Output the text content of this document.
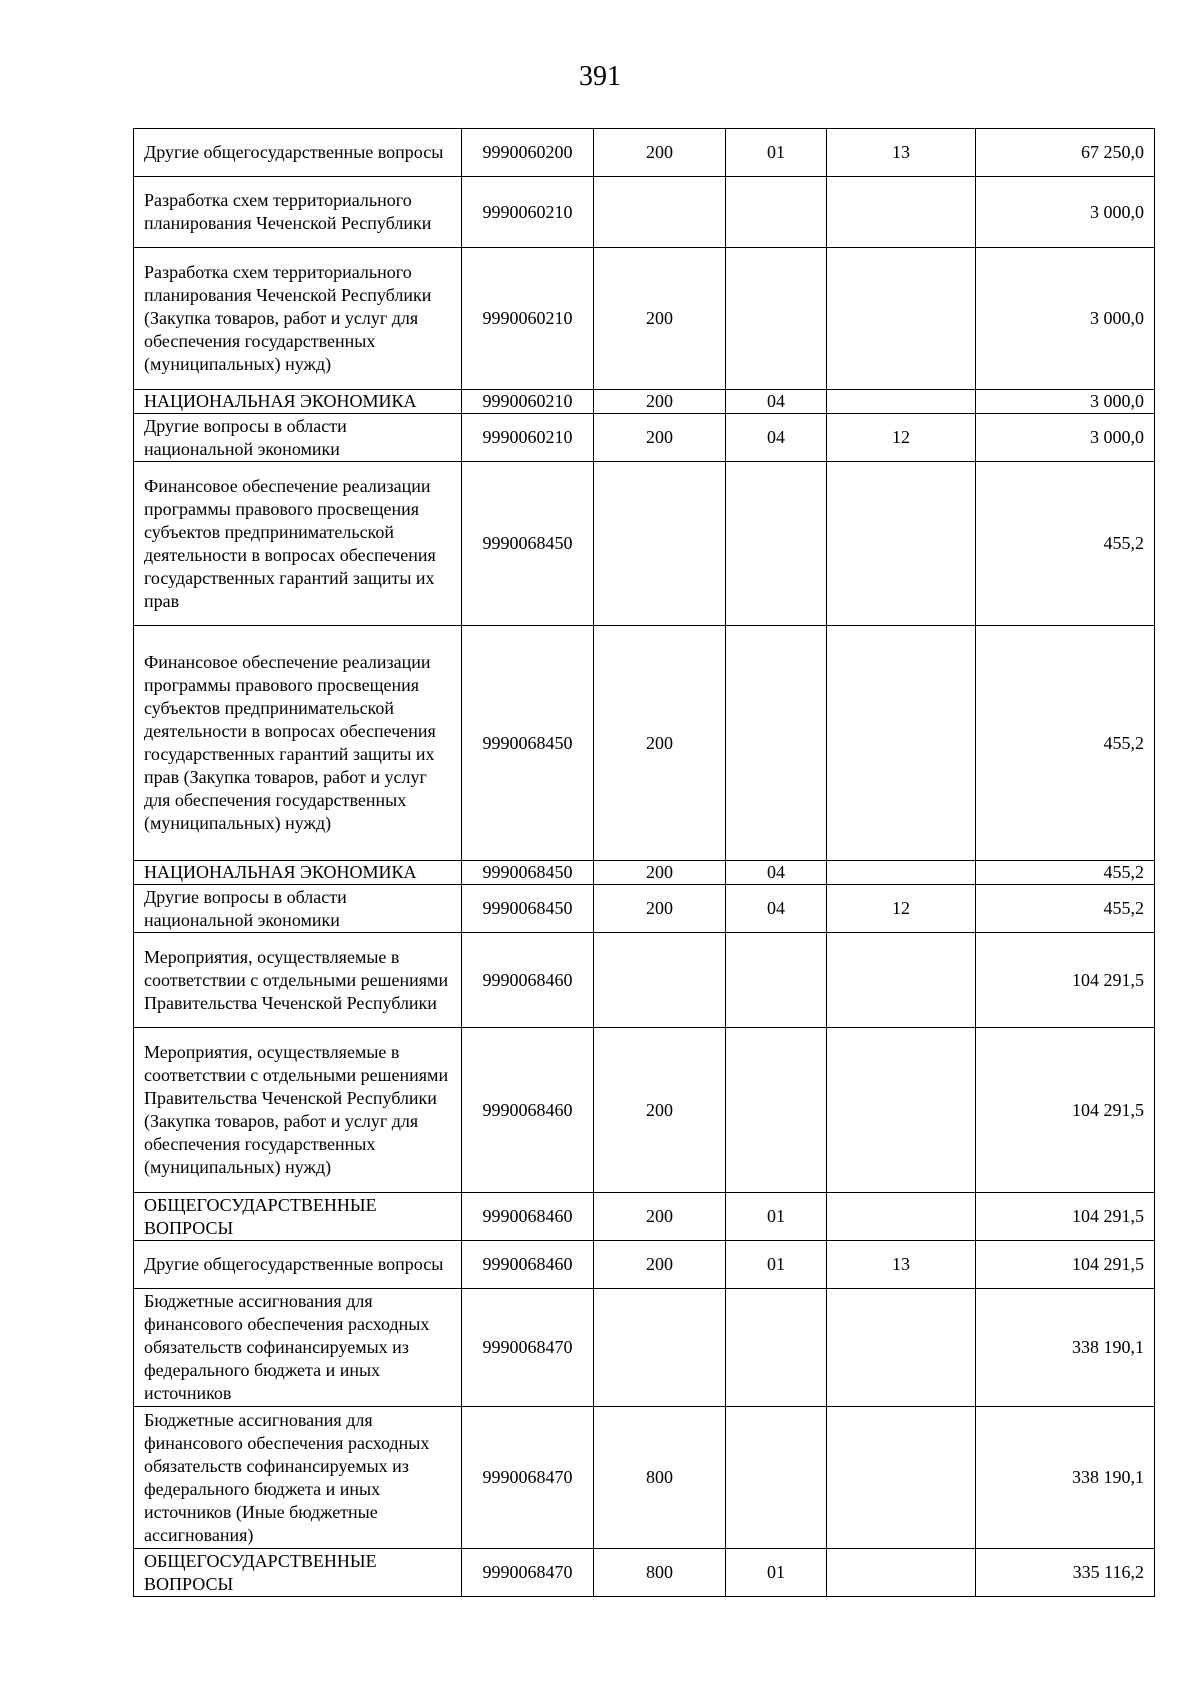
391
Другие общегосударственные вопросы	9990060200	200	01	13	67 250,0
Разработка схем территориального планирования Чеченской Республики	9990060210				3 000,0
Разработка схем территориального планирования Чеченской Республики (Закупка товаров, работ и услуг для обеспечения государственных (муниципальных) нужд)	9990060210	200			3 000,0
НАЦИОНАЛЬНАЯ ЭКОНОМИКА	9990060210	200	04		3 000,0
Другие вопросы в области национальной экономики	9990060210	200	04	12	3 000,0
Финансовое обеспечение реализации программы правового просвещения субъектов предпринимательской деятельности в вопросах обеспечения государственных гарантий защиты их прав	9990068450				455,2
Финансовое обеспечение реализации программы правового просвещения субъектов предпринимательской деятельности в вопросах обеспечения государственных гарантий защиты их прав (Закупка товаров, работ и услуг для обеспечения государственных (муниципальных) нужд)	9990068450	200			455,2
НАЦИОНАЛЬНАЯ ЭКОНОМИКА	9990068450	200	04		455,2
Другие вопросы в области национальной экономики	9990068450	200	04	12	455,2
Мероприятия, осуществляемые в соответствии с отдельными решениями Правительства Чеченской Республики	9990068460				104 291,5
Мероприятия, осуществляемые в соответствии с отдельными решениями Правительства Чеченской Республики (Закупка товаров, работ и услуг для обеспечения государственных (муниципальных) нужд)	9990068460	200			104 291,5
ОБЩЕГОСУДАРСТВЕННЫЕ ВОПРОСЫ	9990068460	200	01		104 291,5
Другие общегосударственные вопросы	9990068460	200	01	13	104 291,5
Бюджетные ассигнования для финансового обеспечения расходных обязательств софинансируемых из федерального бюджета и иных источников	9990068470				338 190,1
Бюджетные ассигнования для финансового обеспечения расходных обязательств софинансируемых из федерального бюджета и иных источников (Иные бюджетные ассигнования)	9990068470	800			338 190,1
ОБЩЕГОСУДАРСТВЕННЫЕ ВОПРОСЫ	9990068470	800	01		335 116,2
